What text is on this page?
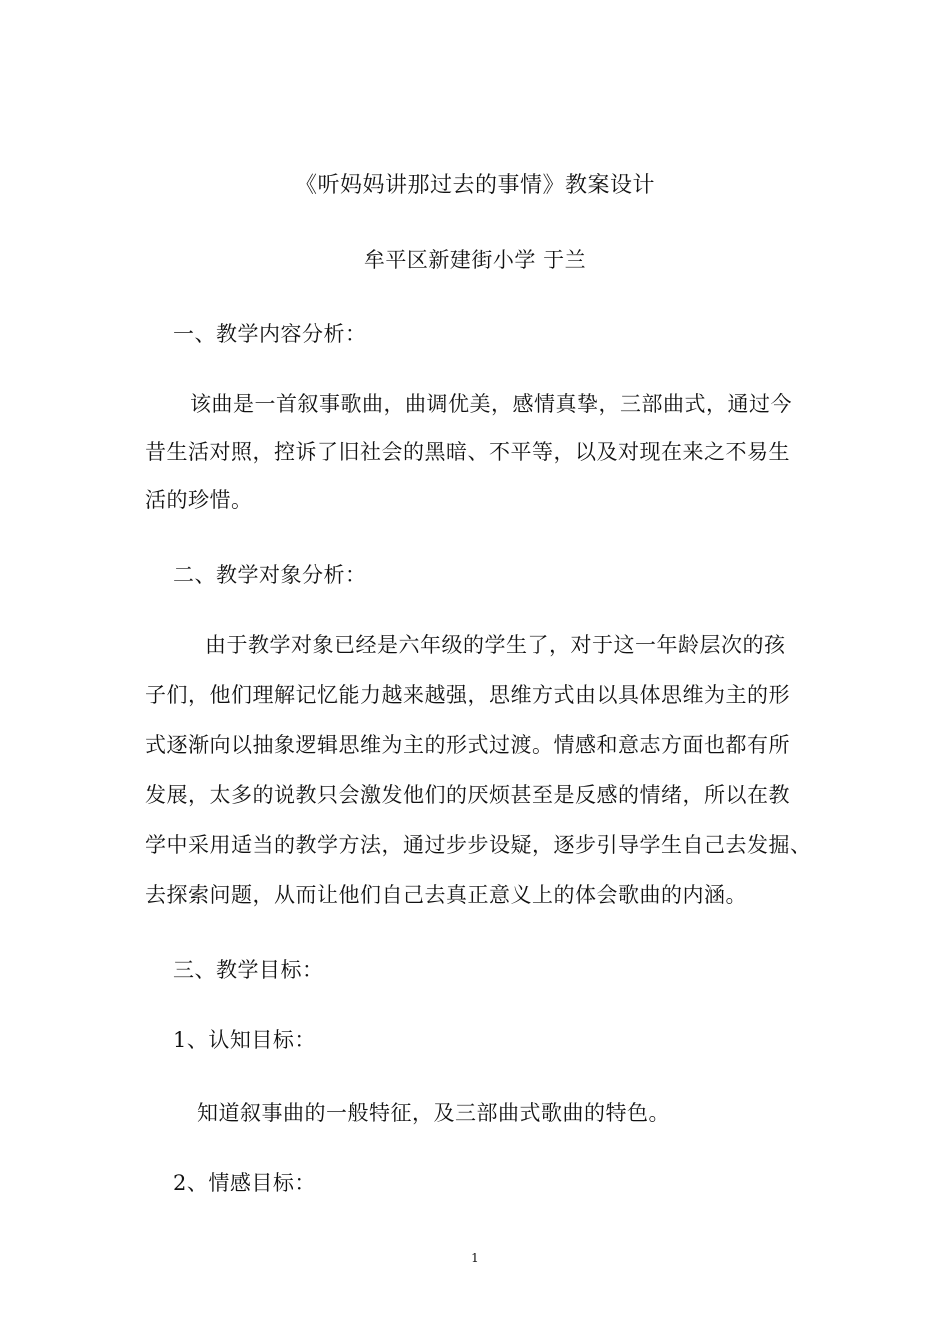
《听妈妈讲那过去的事情》教案设计
牟平区新建街小学 于兰
一、教学内容分析：
该曲是一首叙事歌曲，曲调优美，感情真挚，三部曲式，通过今
昔生活对照，控诉了旧社会的黑暗、不平等，以及对现在来之不易生
活的珍惜。
二、教学对象分析：
由于教学对象已经是六年级的学生了，对于这一年龄层次的孩
子们，他们理解记忆能力越来越强，思维方式由以具体思维为主的形
式逐渐向以抽象逻辑思维为主的形式过渡。情感和意志方面也都有所
发展，太多的说教只会激发他们的厌烦甚至是反感的情绪，所以在教
学中采用适当的教学方法，通过步步设疑，逐步引导学生自己去发掘、
去探索问题，从而让他们自己去真正意义上的体会歌曲的内涵。
三、教学目标：
1、认知目标：
知道叙事曲的一般特征，及三部曲式歌曲的特色。
2、情感目标：
1
